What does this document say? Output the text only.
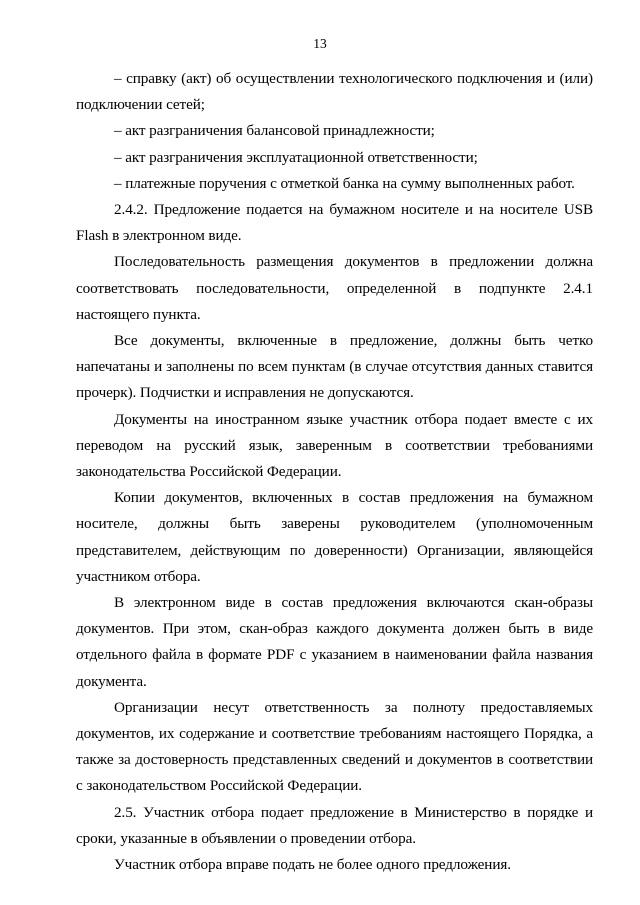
13

– справку (акт) об осуществлении технологического подключения и (или) подключении сетей;

– акт разграничения балансовой принадлежности;

– акт разграничения эксплуатационной ответственности;

– платежные поручения с отметкой банка на сумму выполненных работ.

2.4.2. Предложение подается на бумажном носителе и на носителе USB Flash в электронном виде.

Последовательность размещения документов в предложении должна соответствовать последовательности, определенной в подпункте 2.4.1 настоящего пункта.

Все документы, включенные в предложение, должны быть четко напечатаны и заполнены по всем пунктам (в случае отсутствия данных ставится прочерк). Подчистки и исправления не допускаются.

Документы на иностранном языке участник отбора подает вместе с их переводом на русский язык, заверенным в соответствии требованиями законодательства Российской Федерации.

Копии документов, включенных в состав предложения на бумажном носителе, должны быть заверены руководителем (уполномоченным представителем, действующим по доверенности) Организации, являющейся участником отбора.

В электронном виде в состав предложения включаются скан-образы документов. При этом, скан-образ каждого документа должен быть в виде отдельного файла в формате PDF с указанием в наименовании файла названия документа.

Организации несут ответственность за полноту предоставляемых документов, их содержание и соответствие требованиям настоящего Порядка, а также за достоверность представленных сведений и документов в соответствии с законодательством Российской Федерации.

2.5. Участник отбора подает предложение в Министерство в порядке и сроки, указанные в объявлении о проведении отбора.

Участник отбора вправе подать не более одного предложения.
